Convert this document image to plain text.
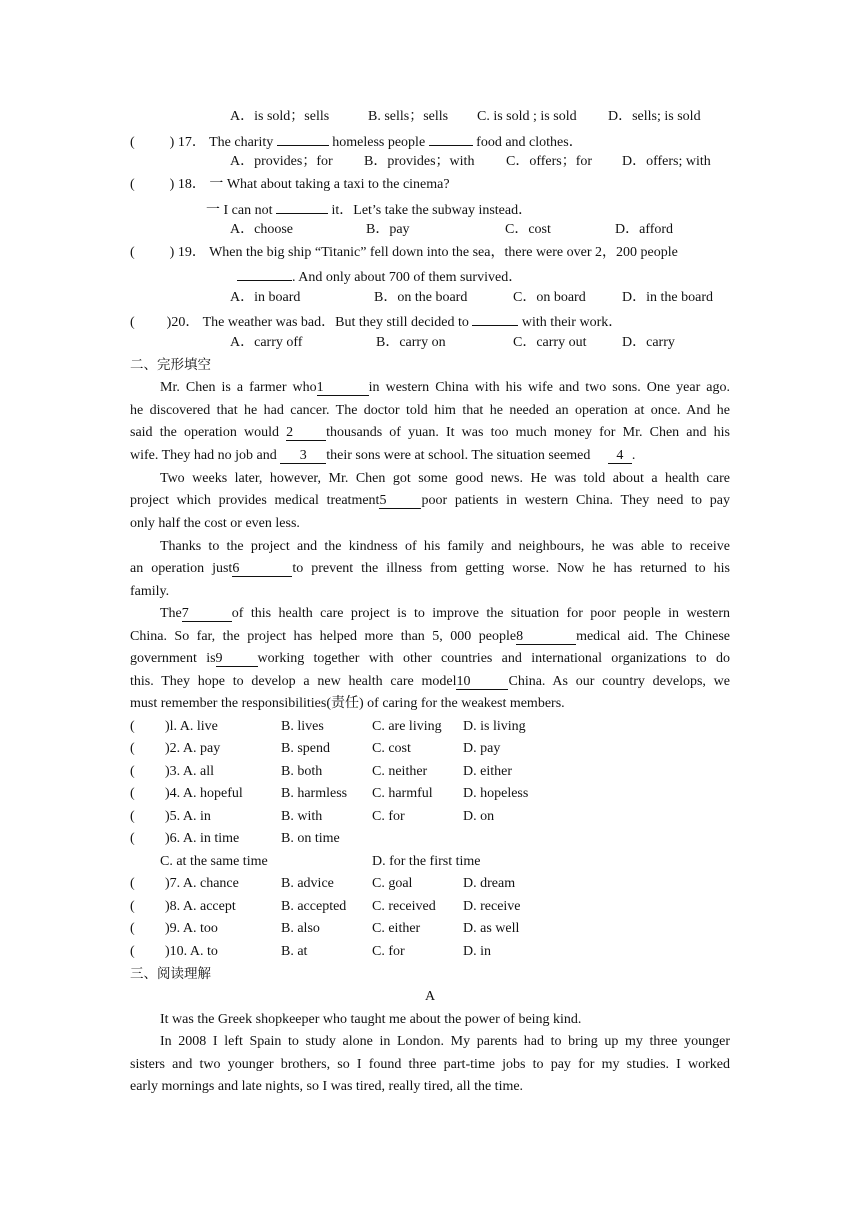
A．is sold；sells	B. sells；sells C. is sold ; is sold D．sells; is sold
(	) 17． The charity	homeless people	food and clothes．
A．provides；for B．provides；with C．offers；for D．offers; with
(	) 18． 一 What about taking a taxi to the cinema?
一 I can not	it．Let’s take the subway instead．
A．choose	B．pay	C．cost	D．afford
(	) 19． When the big ship “Titanic” fell down into the sea，there were over 2，200 people
. And only about 700 of them survived．
A．in board	B．on the board	C．on board	D．in the board
( )20． The weather was bad．But they still decided to	with their work．
A．carry off	B．carry on	C．carry out	D．carry
二、完形填空
Mr. Chen is a farmer who1	in western China with his wife and two sons. One year ago.
he discovered that he had cancer. The doctor told him that he needed an operation at once. And he
said the operation would 2 thousands of yuan. It was too much money for Mr. Chen and his
wife. They had no job and 3 their sons were at school. The situation seemed 4 .
Two weeks later, however, Mr. Chen got some good news. He was told about a health care
project which provides medical treatment5	poor patients in western China. They need to pay
only half the cost or even less.
Thanks to the project and the kindness of his family and neighbours, he was able to receive
an operation just6	to prevent the illness from getting worse. Now he has returned to his
family.
The7	of this health care project is to improve the situation for poor people in western
China. So far, the project has helped more than 5, 000 people8	medical aid. The Chinese
government is9	working together with other countries and international organizations to do
this. They hope to develop a new health care model10	China. As our country develops, we
must remember the responsibilities(责任) of caring for the weakest members.
( )l. A. live	B. lives	C. are living D. is living
( )2. A. pay	B. spend	C. cost	D. pay
( )3. A. all	B. both	C. neither	D. either
( )4. A. hopeful	B. harmless C. harmful D. hopeless
( )5. A. in	B. with	C. for	D. on
( )6. A. in time	B. on time
C. at the same time	D. for the first time
( )7. A. chance	B. advice	C. goal	D. dream
( )8. A. accept	B. accepted C. received D. receive
( )9. A. too	B. also	C. either	D. as well
( )10. A. to	B. at	C. for	D. in
三、阅读理解
A
It was the Greek shopkeeper who taught me about the power of being kind.
In 2008 I left Spain to study alone in London. My parents had to bring up my three younger
sisters and two younger brothers, so I found three part-time jobs to pay for my studies. I worked
early mornings and late nights, so I was tired, really tired, all the time.
